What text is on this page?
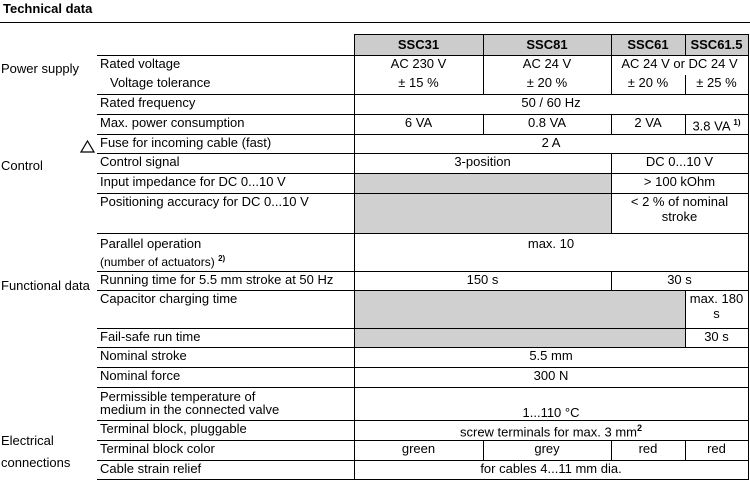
Technical data
Power supply
Control
Functional data
Electrical
connections
	SSC31	SSC81	SSC61	SSC61.5
Rated voltage	AC 230 V	AC 24 V	AC 24 V or DC 24 V	
Voltage tolerance	± 15 %	± 20 %	± 20 %	± 25 %
Rated frequency	50 / 60 Hz			
Max. power consumption	6 VA	0.8 VA	2 VA	3.8 VA $^{1)}$
Fuse for incoming cable (fast)	2 A			
Control signal	3-position		DC 0...10 V	
Input impedance for DC 0...10 V			> 100 kOhm	
Positioning accuracy for DC 0...10 V			< 2 % of nominal
stroke	

Parallel operation
(number of actuators) $^{2)}$	max. 10			
Running time for 5.5 mm stroke at 50 Hz	150 s		30 s	
Capacitor charging time				max. 180
s

Fail-safe run time				30 s
Nominal stroke	5.5 mm			
Nominal force	300 N			

Permissible temperature of
medium in the connected valve	1...110 °C			
Terminal block, pluggable	screw terminals for max. 3 $mm^2$
Terminal block color	green	grey	red	red
Cable strain relief	for cables 4...11 mm dia.			
